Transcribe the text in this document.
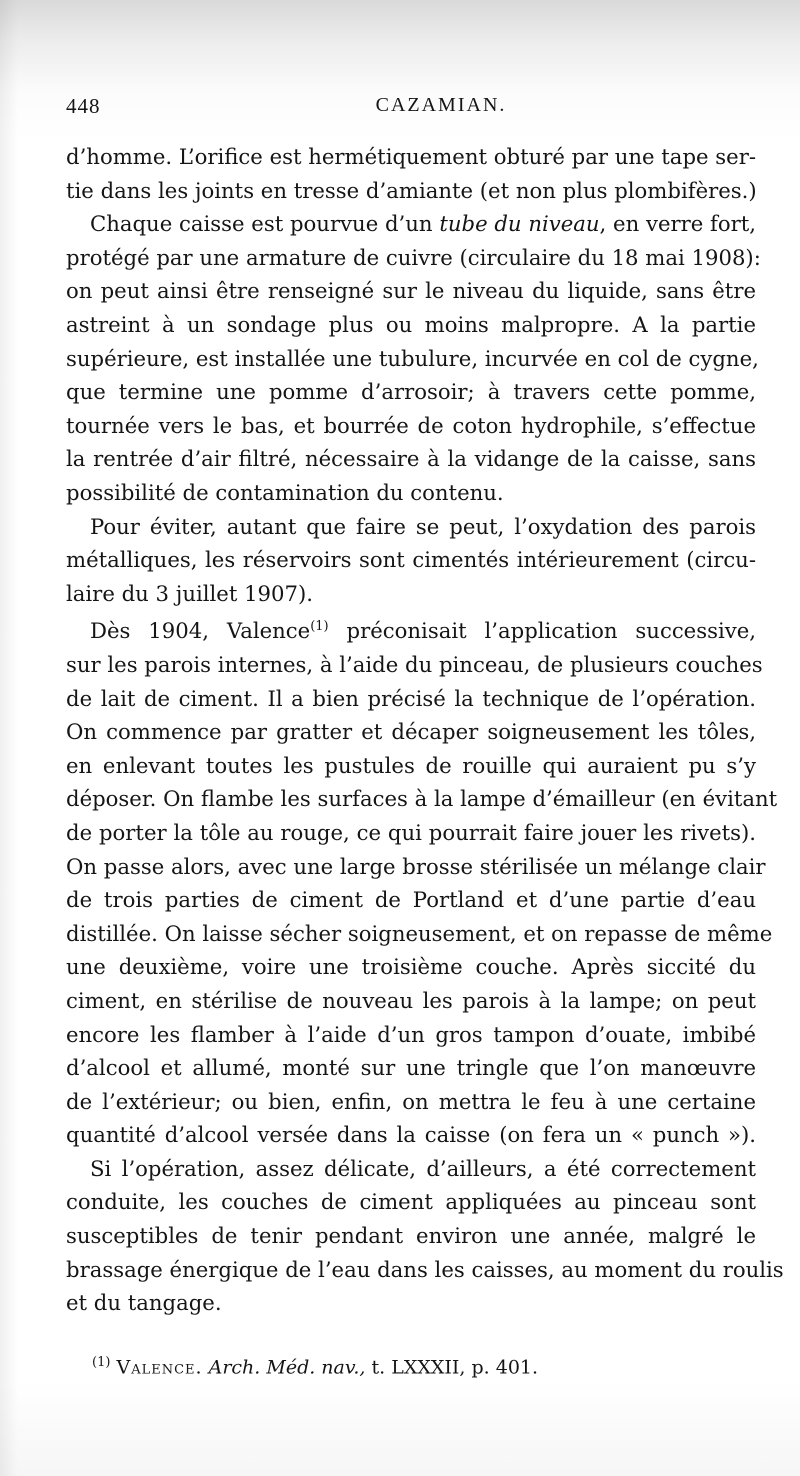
448	CAZAMIAN.
d’homme. L’orifice est hermétiquement obturé par une tape ser-
tie dans les joints en tresse d’amiante (et non plus plombifères.)
Chaque caisse est pourvue d’un tube du niveau, en verre fort,
protégé par une armature de cuivre (circulaire du 18 mai 1908):
on peut ainsi être renseigné sur le niveau du liquide, sans être
astreint à un sondage plus ou moins malpropre. A la partie
supérieure, est installée une tubulure, incurvée en col de cygne,
que termine une pomme d’arrosoir; à travers cette pomme,
tournée vers le bas, et bourrée de coton hydrophile, s’effectue
la rentrée d’air filtré, nécessaire à la vidange de la caisse, sans
possibilité de contamination du contenu.
Pour éviter, autant que faire se peut, l’oxydation des parois
métalliques, les réservoirs sont cimentés intérieurement (circu-
laire du 3 juillet 1907).
Dès 1904, Valence$^{(1)}$ préconisait l’application successive,
sur les parois internes, à l’aide du pinceau, de plusieurs couches
de lait de ciment. Il a bien précisé la technique de l’opération.
On commence par gratter et décaper soigneusement les tôles,
en enlevant toutes les pustules de rouille qui auraient pu s’y
déposer. On flambe les surfaces à la lampe d’émailleur (en évitant
de porter la tôle au rouge, ce qui pourrait faire jouer les rivets).
On passe alors, avec une large brosse stérilisée un mélange clair
de trois parties de ciment de Portland et d’une partie d’eau
distillée. On laisse sécher soigneusement, et on repasse de même
une deuxième, voire une troisième couche. Après siccité du
ciment, en stérilise de nouveau les parois à la lampe; on peut
encore les flamber à l’aide d’un gros tampon d’ouate, imbibé
d’alcool et allumé, monté sur une tringle que l’on manœuvre
de l’extérieur; ou bien, enfin, on mettra le feu à une certaine
quantité d’alcool versée dans la caisse (on fera un « punch »).
Si l’opération, assez délicate, d’ailleurs, a été correctement
conduite, les couches de ciment appliquées au pinceau sont
susceptibles de tenir pendant environ une année, malgré le
brassage énergique de l’eau dans les caisses, au moment du roulis
et du tangage.
$^{(1)}$ Valence. Arch. Méd. nav., t. LXXXII, p. 401.
